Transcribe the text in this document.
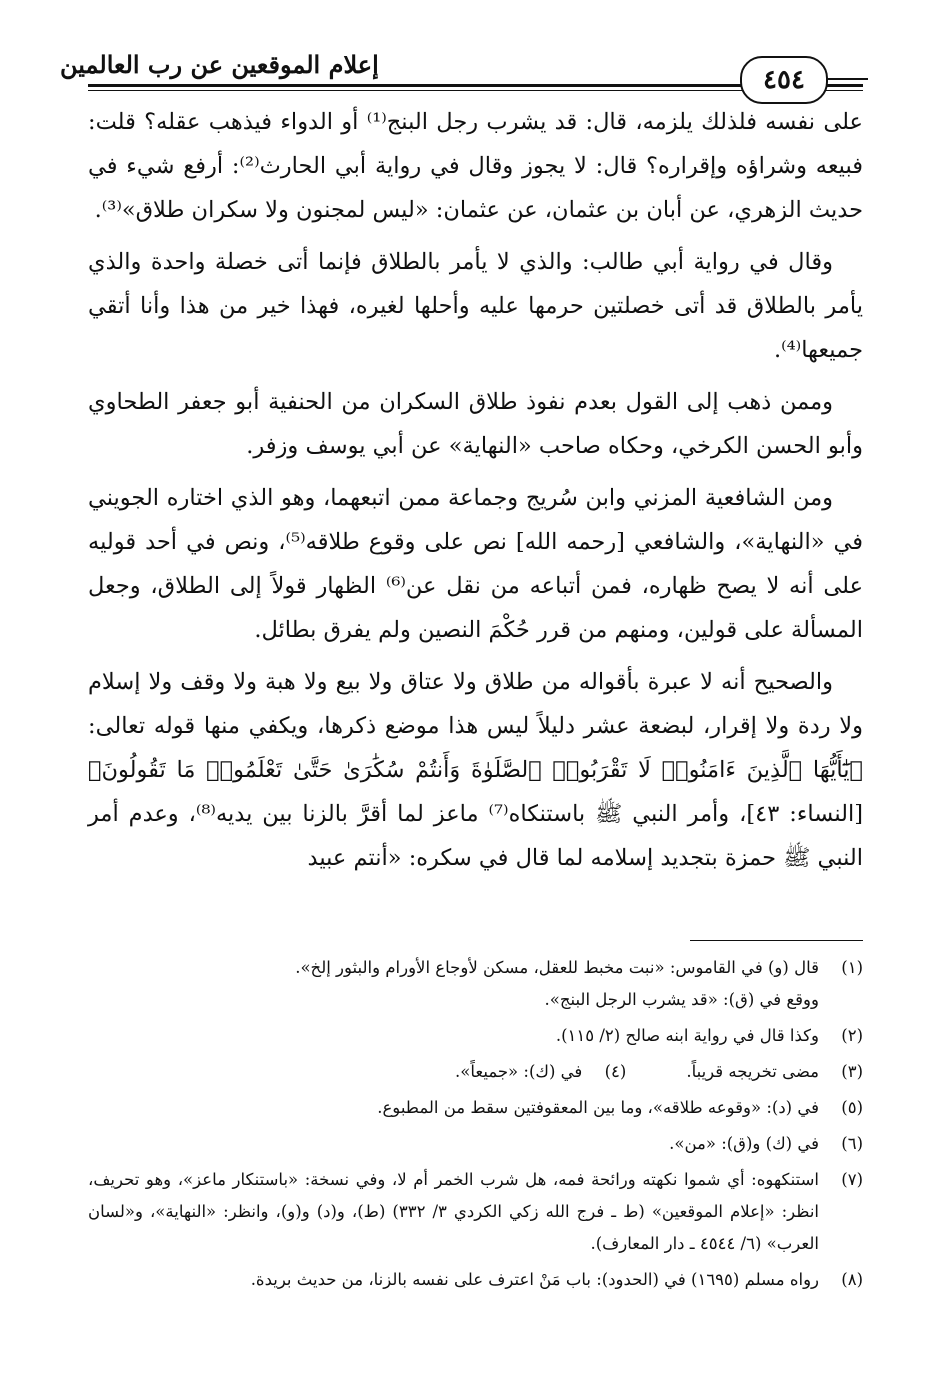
إعلام الموقعين عن رب العالمين
٤٥٤

على نفسه فلذلك يلزمه، قال: قد يشرب رجل البنج⁽¹⁾ أو الدواء فيذهب عقله؟ قلت: فبيعه وشراؤه وإقراره؟ قال: لا يجوز وقال في رواية أبي الحارث⁽²⁾: أرفع شيء في حديث الزهري، عن أبان بن عثمان، عن عثمان: «ليس لمجنون ولا سكران طلاق»⁽³⁾.

وقال في رواية أبي طالب: والذي لا يأمر بالطلاق فإنما أتى خصلة واحدة والذي يأمر بالطلاق قد أتى خصلتين حرمها عليه وأحلها لغيره، فهذا خير من هذا وأنا أتقي جميعها⁽⁴⁾.

وممن ذهب إلى القول بعدم نفوذ طلاق السكران من الحنفية أبو جعفر الطحاوي وأبو الحسن الكرخي، وحكاه صاحب «النهاية» عن أبي يوسف وزفر.

ومن الشافعية المزني وابن سُريج وجماعة ممن اتبعهما، وهو الذي اختاره الجويني في «النهاية»، والشافعي [رحمه الله] نص على وقوع طلاقه⁽⁵⁾، ونص في أحد قوليه على أنه لا يصح ظهاره، فمن أتباعه من نقل عن⁽⁶⁾ الظهار قولاً إلى الطلاق، وجعل المسألة على قولين، ومنهم من قرر حُكْمَ النصين ولم يفرق بطائل.

والصحيح أنه لا عبرة بأقواله من طلاق ولا عتاق ولا بيع ولا هبة ولا وقف ولا إسلام ولا ردة ولا إقرار، لبضعة عشر دليلاً ليس هذا موضع ذكرها، ويكفي منها قوله تعالى: ﴿يَٰٓأَيُّهَا ٱلَّذِينَ ءَامَنُوا۟ لَا تَقْرَبُوا۟ ٱلصَّلَوٰةَ وَأَنتُمْ سُكَٰرَىٰ حَتَّىٰ تَعْلَمُوا۟ مَا تَقُولُونَ﴾ [النساء: ٤٣]، وأمر النبي ﷺ باستنكاه⁽⁷⁾ ماعز لما أقرَّ بالزنا بين يديه⁽⁸⁾، وعدم أمر النبي ﷺ حمزة بتجديد إسلامه لما قال في سكره: «أنتم عبيد

(١)
قال (و) في القاموس: «نبت مخبط للعقل، مسكن لأوجاع الأورام والبثور إلخ».
ووقع في (ق): «قد يشرب الرجل البنج».
(٢)
وكذا قال في رواية ابنه صالح (٢/ ١١٥).
(٣)
مضى تخريجه قريباً.
(٤)
في (ك): «جميعاً».
(٥)
في (د): «وقوعه طلاقه»، وما بين المعقوفتين سقط من المطبوع.
(٦)
في (ك) و(ق): «من».
(٧)
استنكهوه: أي شموا نكهته ورائحة فمه، هل شرب الخمر أم لا، وفي نسخة: «باستنكار ماعز»، وهو تحريف، انظر: «إعلام الموقعين» (ط ـ فرج الله زكي الكردي ٣/ ٣٣٢) (ط)، و(د) و(و)، وانظر: «النهاية»، و«لسان العرب» (٦/ ٤٥٤٤ ـ دار المعارف).
(٨)
رواه مسلم (١٦٩٥) في (الحدود): باب مَنْ اعترف على نفسه بالزنا، من حديث بريدة.
